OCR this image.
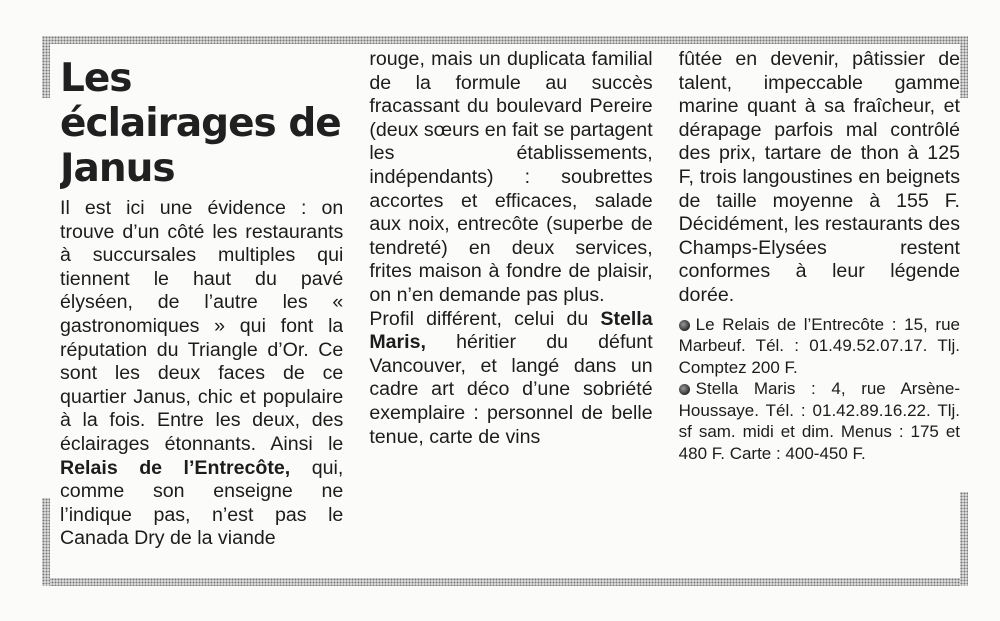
Les éclairages de Janus

Il est ici une évidence : on trouve d’un côté les restaurants à succursales multiples qui tiennent le haut du pavé élyséen, de l’autre les « gastronomiques » qui font la réputation du Triangle d’Or. Ce sont les deux faces de ce quartier Janus, chic et populaire à la fois. Entre les deux, des éclairages étonnants. Ainsi le Relais de l’Entrecôte, qui, comme son enseigne ne l’indique pas, n’est pas le Canada Dry de la viande

rouge, mais un duplicata familial de la formule au succès fracassant du boulevard Pereire (deux sœurs en fait se partagent les établissements, indépendants) : soubrettes accortes et efficaces, salade aux noix, entrecôte (superbe de tendreté) en deux services, frites maison à fondre de plaisir, on n’en demande pas plus.

Profil différent, celui du Stella Maris, héritier du défunt Vancouver, et langé dans un cadre art déco d’une sobriété exemplaire : personnel de belle tenue, carte de vins

fûtée en devenir, pâtissier de talent, impeccable gamme marine quant à sa fraîcheur, et dérapage parfois mal contrôlé des prix, tartare de thon à 125 F, trois langoustines en beignets de taille moyenne à 155 F. Décidément, les restaurants des Champs-Elysées restent conformes à leur légende dorée.

Le Relais de l’Entrecôte : 15, rue Marbeuf. Tél. : 01.49.52.07.17. Tlj. Comptez 200 F.

Stella Maris : 4, rue Arsène-Houssaye. Tél. : 01.42.89.16.22. Tlj. sf sam. midi et dim. Menus : 175 et 480 F. Carte : 400-450 F.
